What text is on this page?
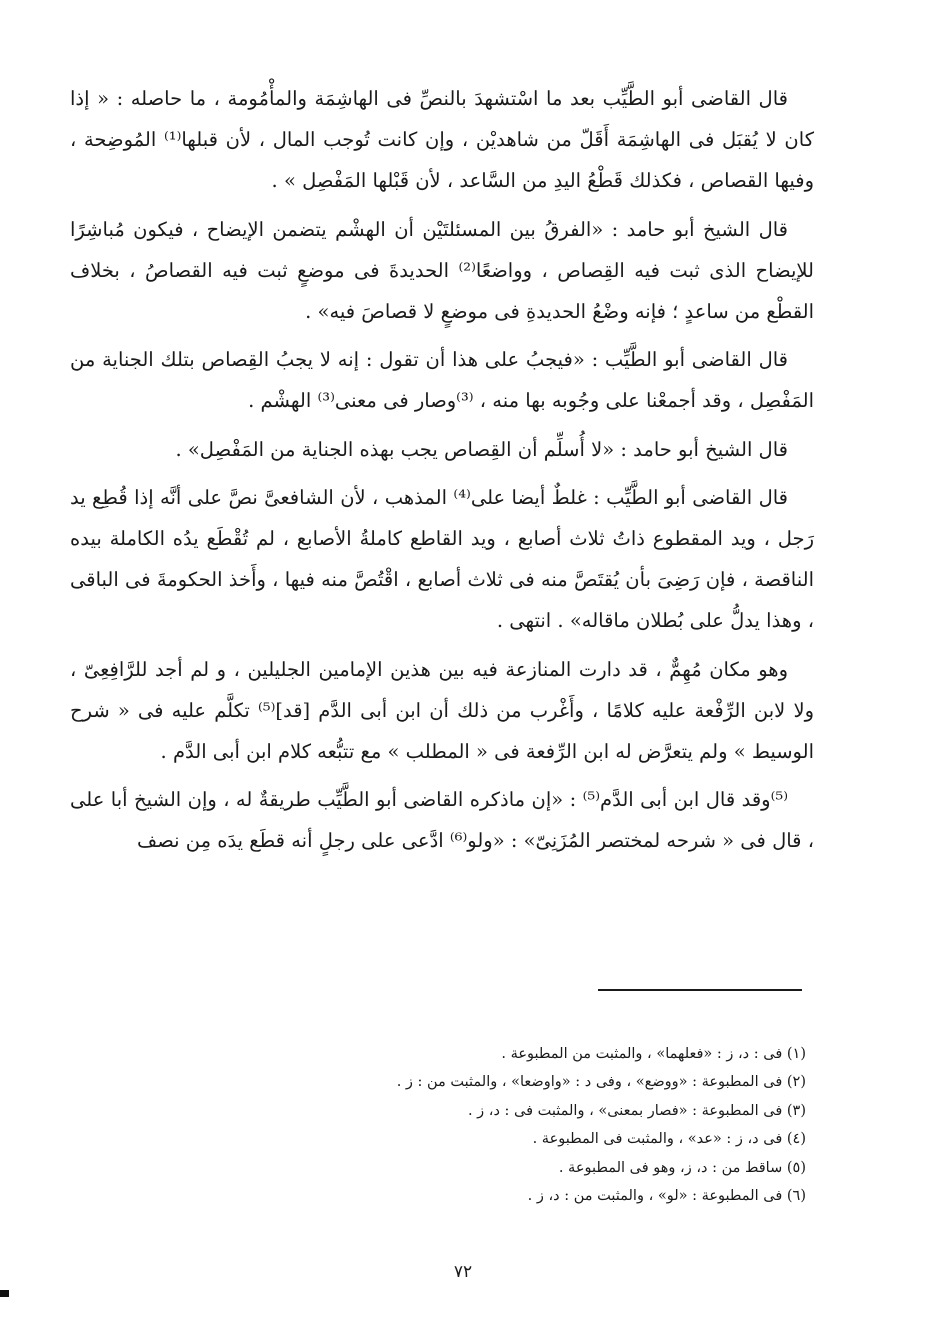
قال القاضى أبو الطَّيِّب بعد ما اسْتشهدَ بالنصِّ فى الهاشِمَة والمأْمُومة ، ما حاصله : « إذا كان لا يُقبَل فى الهاشِمَة أَقَلّ من شاهديْن ، وإن كانت تُوجب المال ، لأن قبلها⁽¹⁾ المُوضِحة ، وفيها القصاص ، فكذلك قَطْعُ اليدِ من السَّاعد ، لأن قَبْلها المَفْصِل » .

قال الشيخ أبو حامد : «الفرقُ بين المسئلتَيْن أن الهشْم يتضمن الإيضاح ، فيكون مُباشِرًا للإيضاح الذى ثبت فيه القِصاص ، وواضعًا⁽²⁾ الحديدةَ فى موضعٍ ثبت فيه القصاصُ ، بخلاف القطْع من ساعدٍ ؛ فإنه وضْعُ الحديدةِ فى موضعٍ لا قصاصَ فيه» .

قال القاضى أبو الطَّيِّب : «فيجبُ على هذا أن تقول : إنه لا يجبُ القِصاص بتلك الجناية من المَفْصِل ، وقد أجمعْنا على وجُوبه بها منه ، ⁽³⁾وصار فى معنى⁽³⁾ الهشْم .

قال الشيخ أبو حامد : «لا أُسلِّم أن القِصاص يجب بهذه الجناية من المَفْصِل» .

قال القاضى أبو الطَّيِّب : غلطٌ أيضا على⁽⁴⁾ المذهب ، لأن الشافعىَّ نصَّ على أنَّه إذا قُطِع يد رَجل ، ويد المقطوع ذاتُ ثلاث أصابع ، ويد القاطع كاملةُ الأصابع ، لم تُقْطَع يدُه الكاملة بيده الناقصة ، فإن رَضِىَ بأن يُقتَصَّ منه فى ثلاث أصابع ، اقْتُصَّ منه فيها ، وأَخذ الحكومةَ فى الباقى ، وهذا يدلُّ على بُطلان ماقاله» . انتهى .

وهو مكان مُهِمٌّ ، قد دارت المنازعة فيه بين هذين الإمامين الجليلين ، و لم أجد للرَّافِعِىّ ، ولا لابن الرِّفْعة عليه كلامًا ، وأَغْرب من ذلك أن ابن أبى الدَّم [قد]⁽⁵⁾ تكلَّم عليه فى « شرح الوسيط » ولم يتعرَّض له ابن الرِّفعة فى « المطلب » مع تتبُّعه كلام ابن أبى الدَّم .

⁽⁵⁾وقد قال ابن أبى الدَّم⁽⁵⁾ : «إن ماذكره القاضى أبو الطَّيِّب طريقةٌ له ، وإن الشيخ أبا على ، قال فى « شرحه لمختصر المُزَنِىّ» : «ولو⁽⁶⁾ ادَّعى على رجلٍ أنه قطَع يدَه مِن نصف

(١) فى : د، ز : «فعلهما» ، والمثبت من المطبوعة .
(٢) فى المطبوعة : «ووضع» ، وفى د : «واوضعا» ، والمثبت من : ز .
(٣) فى المطبوعة : «فصار بمعنى» ، والمثبت فى : د، ز .
(٤) فى د، ز : «عد» ، والمثبت فى المطبوعة .
(٥) ساقط من : د، ز، وهو فى المطبوعة .
(٦) فى المطبوعة : «لو» ، والمثبت من : د، ز .
٧٢
